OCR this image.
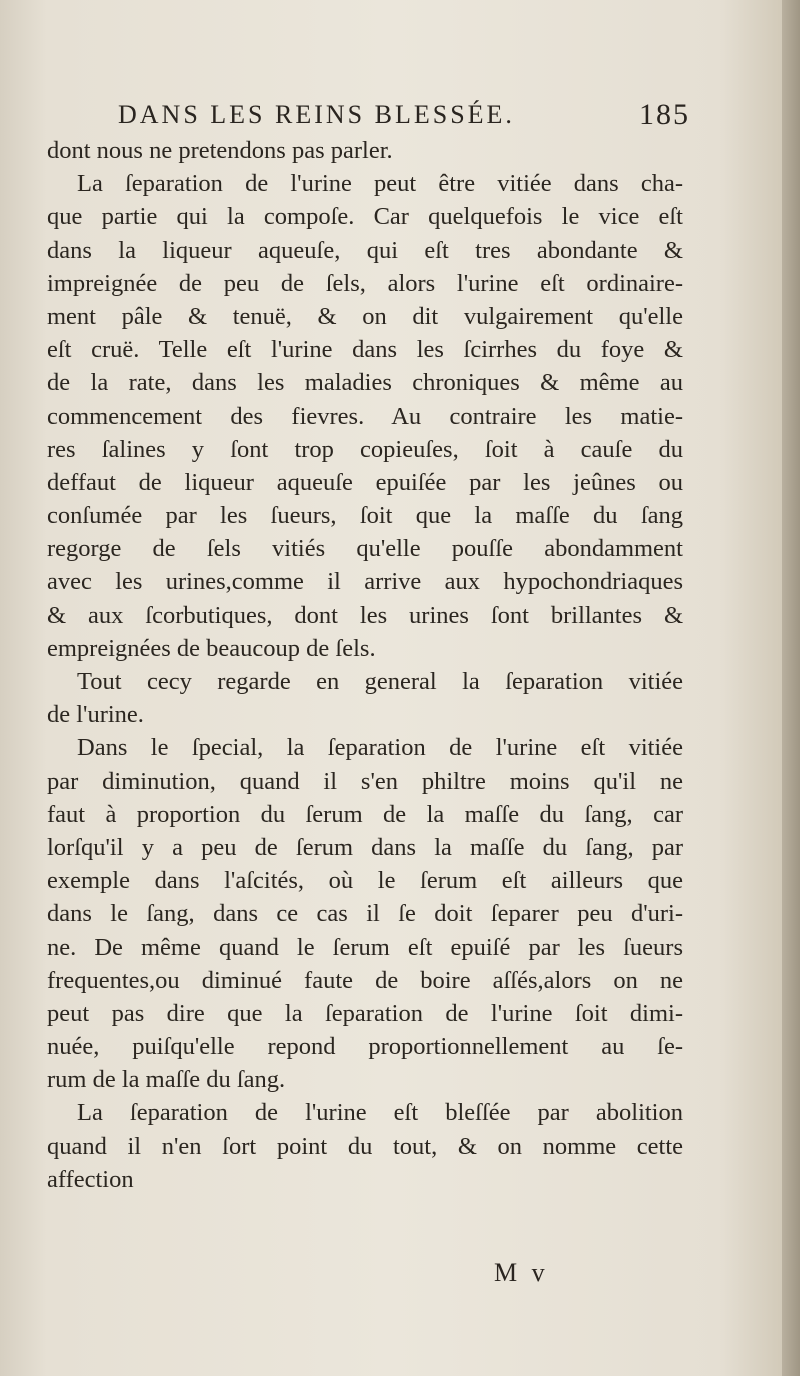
DANS LES REINS BLESSÉE.	185
dont nous ne pretendons pas parler.
La ſeparation de l'urine peut être vitiée dans cha-
que partie qui la compoſe. Car quelquefois le vice eſt
dans la liqueur aqueuſe, qui eſt tres abondante &
impreignée de peu de ſels, alors l'urine eſt ordinaire-
ment pâle & tenuë, & on dit vulgairement qu'elle
eſt cruë. Telle eſt l'urine dans les ſcirrhes du foye &
de la rate, dans les maladies chroniques & même au
commencement des fievres. Au contraire les matie-
res ſalines y ſont trop copieuſes, ſoit à cauſe du
deffaut de liqueur aqueuſe epuiſée par les jeûnes ou
conſumée par les ſueurs, ſoit que la maſſe du ſang
regorge de ſels vitiés qu'elle pouſſe abondamment
avec les urines,comme il arrive aux hypochondriaques
& aux ſcorbutiques, dont les urines ſont brillantes &
empreignées de beaucoup de ſels.
Tout cecy regarde en general la ſeparation vitiée
de l'urine.
Dans le ſpecial, la ſeparation de l'urine eſt vitiée
par diminution, quand il s'en philtre moins qu'il ne
faut à proportion du ſerum de la maſſe du ſang, car
lorſqu'il y a peu de ſerum dans la maſſe du ſang, par
exemple dans l'aſcités, où le ſerum eſt ailleurs que
dans le ſang, dans ce cas il ſe doit ſeparer peu d'uri-
ne. De même quand le ſerum eſt epuiſé par les ſueurs
frequentes,ou diminué faute de boire aſſés,alors on ne
peut pas dire que la ſeparation de l'urine ſoit dimi-
nuée, puiſqu'elle repond proportionnellement au ſe-
rum de la maſſe du ſang.
La ſeparation de l'urine eſt bleſſée par abolition
quand il n'en ſort point du tout, & on nomme cette
affection
M v
